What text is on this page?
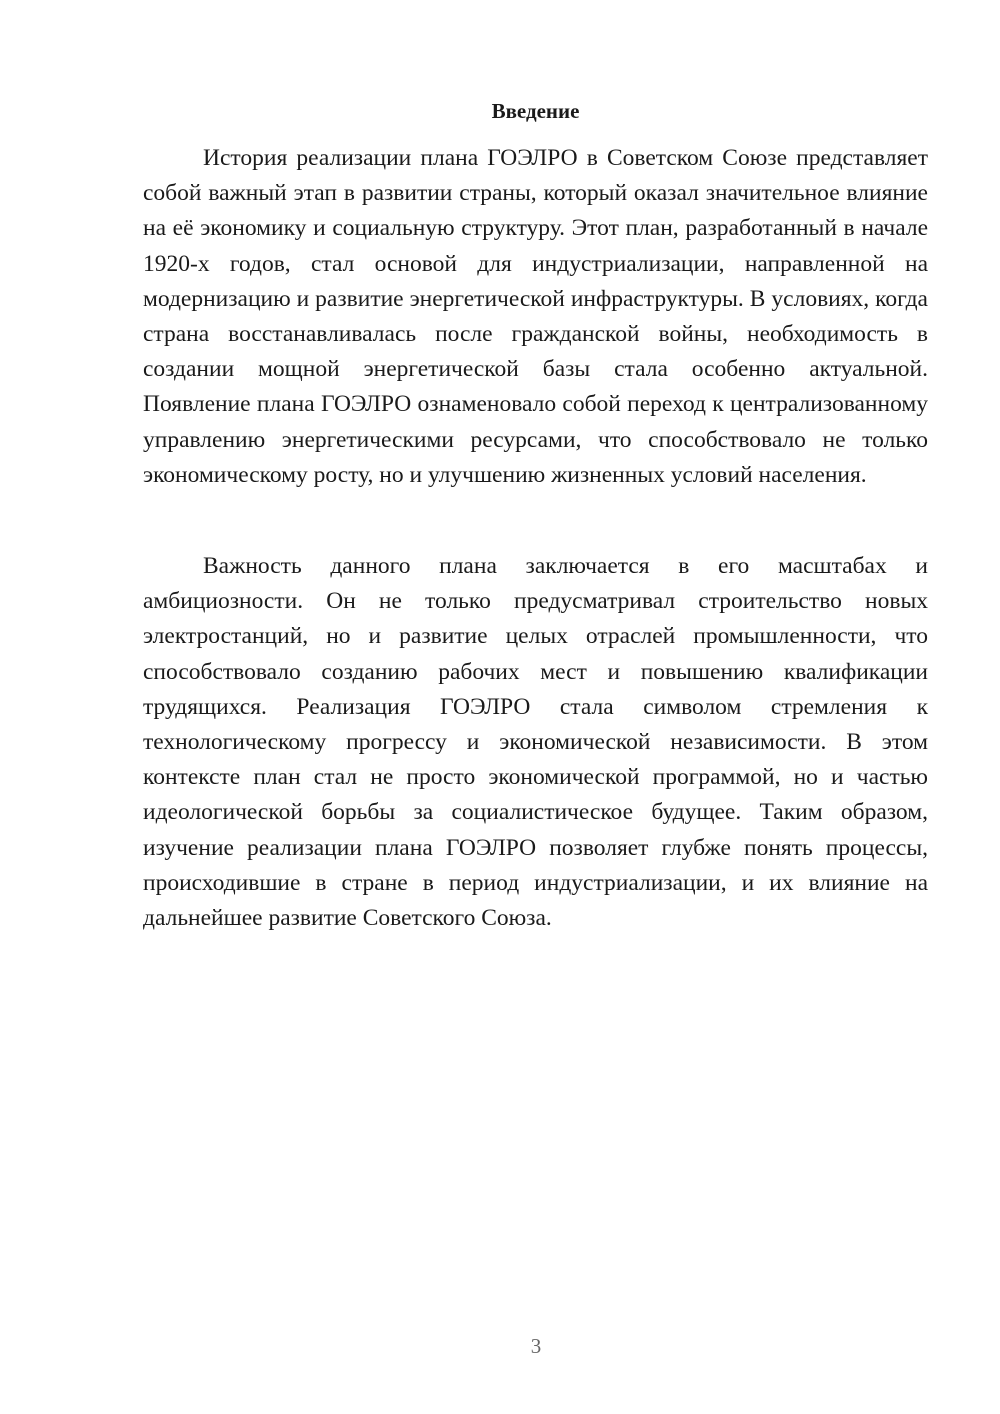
Введение

История реализации плана ГОЭЛРО в Советском Союзе представляет собой важный этап в развитии страны, который оказал значительное влияние на её экономику и социальную структуру. Этот план, разработанный в начале 1920-х годов, стал основой для индустриализации, направленной на модернизацию и развитие энергетической инфраструктуры. В условиях, когда страна восстанавливалась после гражданской войны, необходимость в создании мощной энергетической базы стала особенно актуальной. Появление плана ГОЭЛРО ознаменовало собой переход к централизованному управлению энергетическими ресурсами, что способствовало не только экономическому росту, но и улучшению жизненных условий населения.

Важность данного плана заключается в его масштабах и амбициозности. Он не только предусматривал строительство новых электростанций, но и развитие целых отраслей промышленности, что способствовало созданию рабочих мест и повышению квалификации трудящихся. Реализация ГОЭЛРО стала символом стремления к технологическому прогрессу и экономической независимости. В этом контексте план стал не просто экономической программой, но и частью идеологической борьбы за социалистическое будущее. Таким образом, изучение реализации плана ГОЭЛРО позволяет глубже понять процессы, происходившие в стране в период индустриализации, и их влияние на дальнейшее развитие Советского Союза.

3
